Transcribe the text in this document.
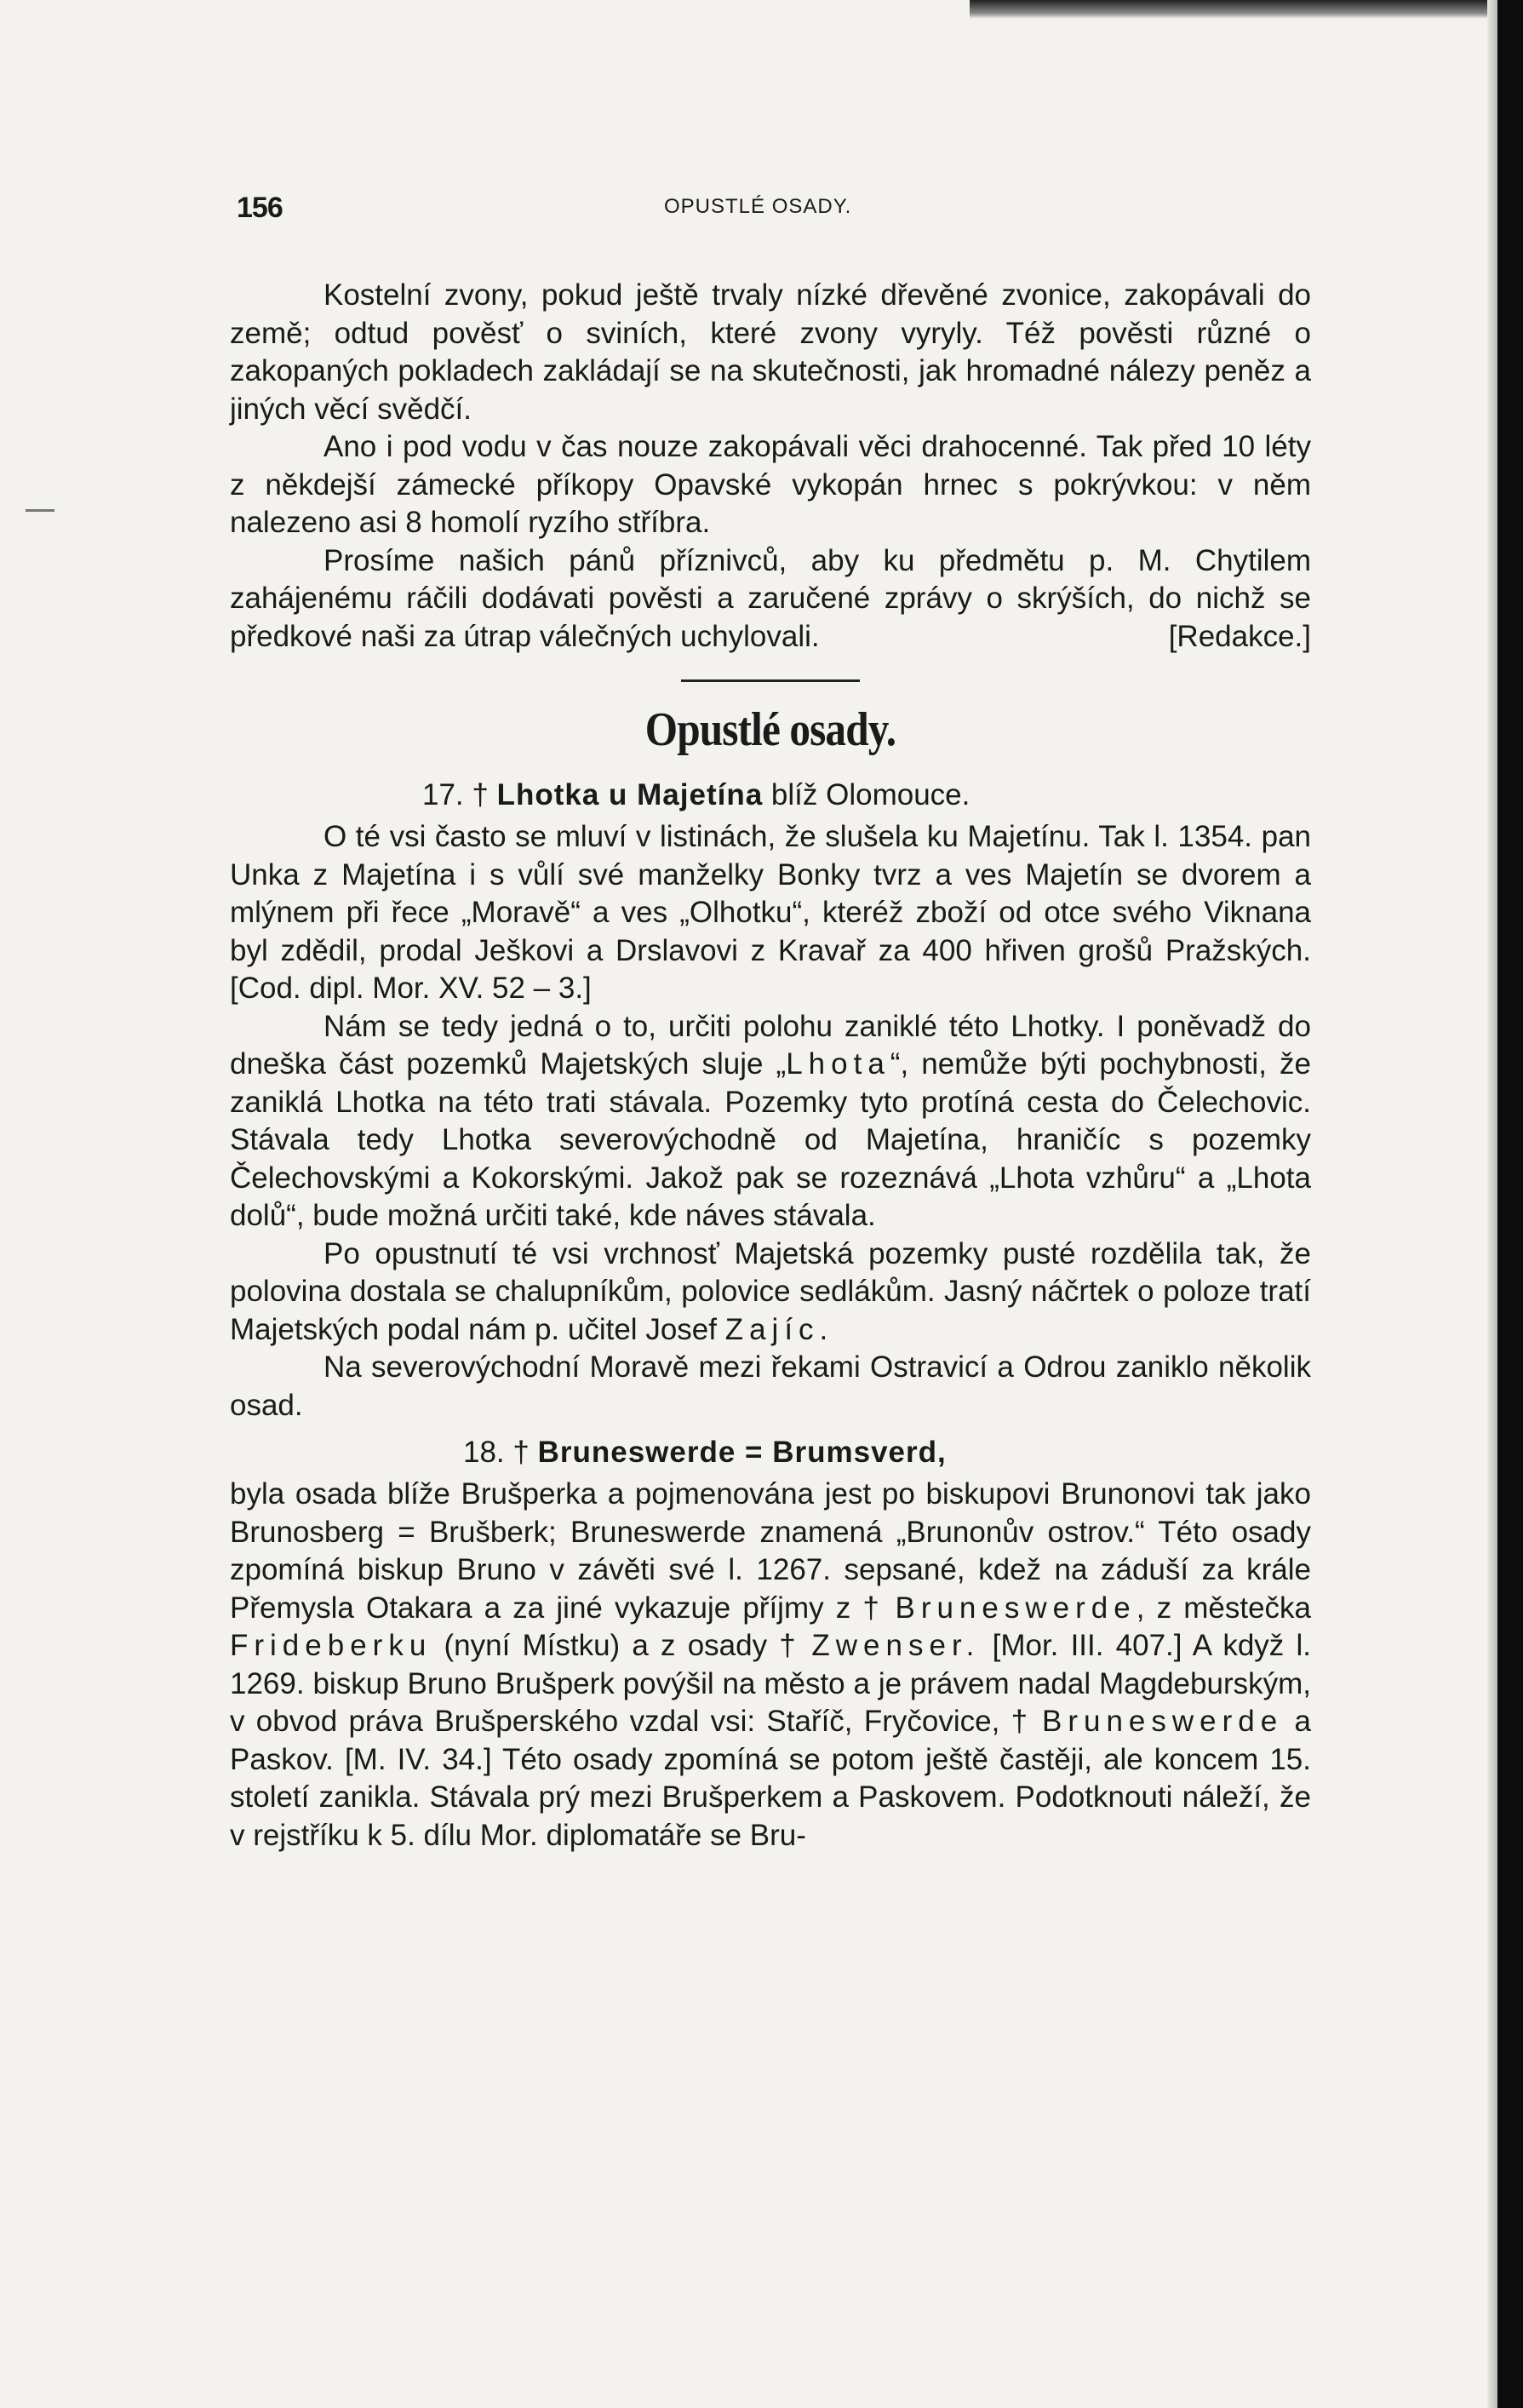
156	OPUSTLÉ OSADY.

Kostelní zvony, pokud ještě trvaly nízké dřevěné zvonice, zakopávali do země; odtud pověsť o sviních, které zvony vyryly. Též pověsti různé o zakopaných pokladech zakládají se na skutečnosti, jak hromadné nálezy peněz a jiných věcí svědčí.

Ano i pod vodu v čas nouze zakopávali věci drahocenné. Tak před 10 léty z někdejší zámecké příkopy Opavské vykopán hrnec s pokrývkou: v něm nalezeno asi 8 homolí ryzího stříbra.

Prosíme našich pánů příznivců, aby ku předmětu p. M. Chytilem zahájenému ráčili dodávati pověsti a zaručené zprávy o skrýších, do nichž se předkové naši za útrap válečných uchylovali.	[Redakce.]

Opustlé osady.
17. † Lhotka u Majetína blíž Olomouce.

O té vsi často se mluví v listinách, že slušela ku Majetínu. Tak l. 1354. pan Unka z Majetína i s vůlí své manželky Bonky tvrz a ves Majetín se dvorem a mlýnem při řece „Moravě“ a ves „Olhotku“, kteréž zboží od otce svého Viknana byl zdědil, prodal Ješkovi a Drslavovi z Kravař za 400 hřiven grošů Pražských. [Cod. dipl. Mor. XV. 52 – 3.]

Nám se tedy jedná o to, určiti polohu zaniklé této Lhotky. I poněvadž do dneška část pozemků Majetských sluje „Lhota“, nemůže býti pochybnosti, že zaniklá Lhotka na této trati stávala. Pozemky tyto protíná cesta do Čelechovic. Stávala tedy Lhotka severovýchodně od Majetína, hraničíc s pozemky Čelechovskými a Kokorskými. Jakož pak se rozeznává „Lhota vzhůru“ a „Lhota dolů“, bude možná určiti také, kde náves stávala.

Po opustnutí té vsi vrchnosť Majetská pozemky pusté rozdělila tak, že polovina dostala se chalupníkům, polovice sedlákům. Jasný náčrtek o poloze tratí Majetských podal nám p. učitel Josef Zajíc.

Na severovýchodní Moravě mezi řekami Ostravicí a Odrou zaniklo několik osad.

18. † Bruneswerde = Brumsverd,

byla osada blíže Brušperka a pojmenována jest po biskupovi Brunonovi tak jako Brunosberg = Brušberk; Bruneswerde znamená „Brunonův ostrov.“ Této osady zpomíná biskup Bruno v závěti své l. 1267. sepsané, kdež na záduší za krále Přemysla Otakara a za jiné vykazuje příjmy z † Bruneswerde, z městečka Frideberku (nyní Místku) a z osady † Zwenser. [Mor. III. 407.] A když l. 1269. biskup Bruno Brušperk povýšil na město a je právem nadal Magdeburským, v obvod práva Brušperského vzdal vsi: Staříč, Fryčovice, † Bruneswerde a Paskov. [M. IV. 34.] Této osady zpomíná se potom ještě častěji, ale koncem 15. století zanikla. Stávala prý mezi Brušperkem a Paskovem. Podotknouti náleží, že v rejstříku k 5. dílu Mor. diplomatáře se Bru-
